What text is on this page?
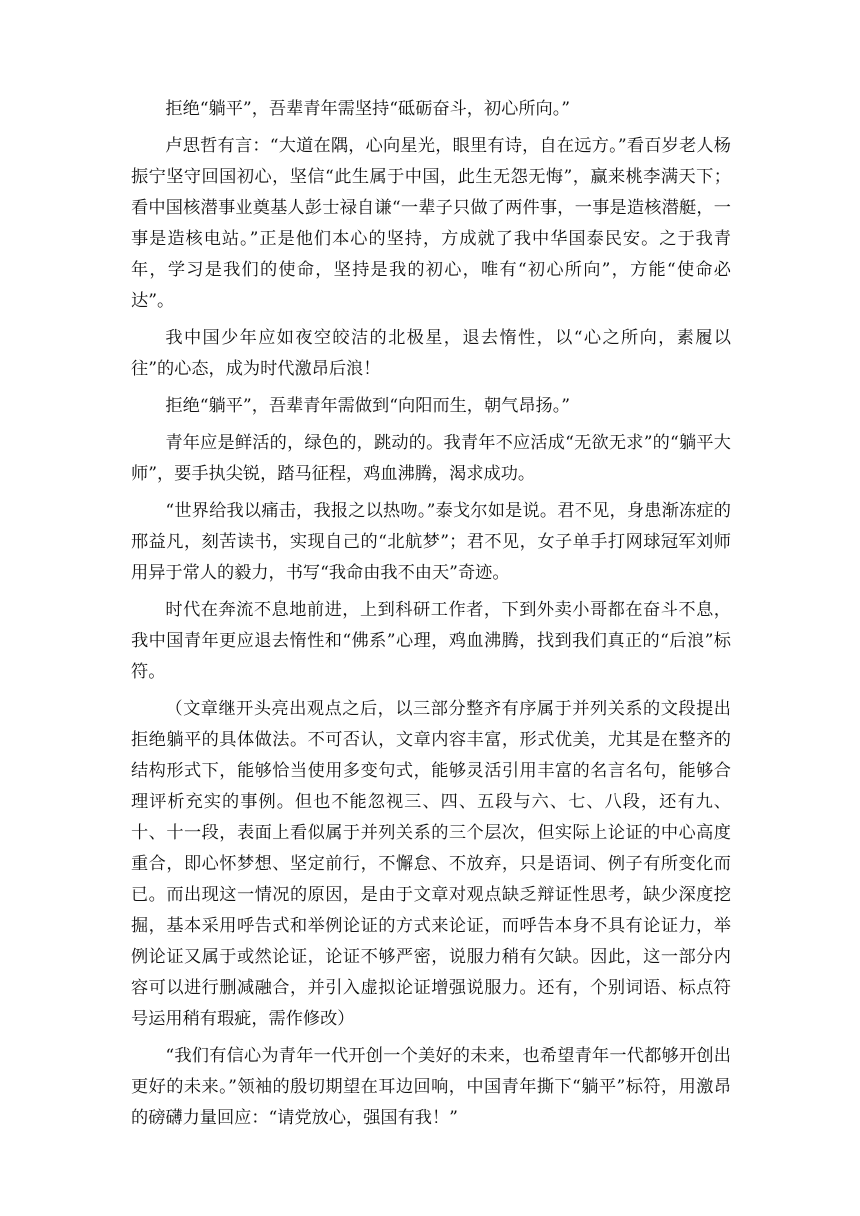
拒绝“躺平”，吾辈青年需坚持“砥砺奋斗，初心所向。”

卢思哲有言：“大道在隅，心向星光，眼里有诗，自在远方。”看百岁老人杨振宁坚守回国初心，坚信“此生属于中国，此生无怨无悔”，赢来桃李满天下；看中国核潜事业奠基人彭士禄自谦“一辈子只做了两件事，一事是造核潜艇，一事是造核电站。”正是他们本心的坚持，方成就了我中华国泰民安。之于我青年，学习是我们的使命，坚持是我的初心，唯有“初心所向”，方能“使命必达”。

我中国少年应如夜空皎洁的北极星，退去惰性，以“心之所向，素履以往”的心态，成为时代激昂后浪！

拒绝“躺平”，吾辈青年需做到“向阳而生，朝气昂扬。”

青年应是鲜活的，绿色的，跳动的。我青年不应活成“无欲无求”的“躺平大师”，要手执尖锐，踏马征程，鸡血沸腾，渴求成功。

“世界给我以痛击，我报之以热吻。”泰戈尔如是说。君不见，身患渐冻症的邢益凡，刻苦读书，实现自己的“北航梦”；君不见，女子单手打网球冠军刘师用异于常人的毅力，书写“我命由我不由天”奇迹。

时代在奔流不息地前进，上到科研工作者，下到外卖小哥都在奋斗不息，我中国青年更应退去惰性和“佛系”心理，鸡血沸腾，找到我们真正的“后浪”标符。

（文章继开头亮出观点之后，以三部分整齐有序属于并列关系的文段提出拒绝躺平的具体做法。不可否认，文章内容丰富，形式优美，尤其是在整齐的结构形式下，能够恰当使用多变句式，能够灵活引用丰富的名言名句，能够合理评析充实的事例。但也不能忽视三、四、五段与六、七、八段，还有九、十、十一段，表面上看似属于并列关系的三个层次，但实际上论证的中心高度重合，即心怀梦想、坚定前行，不懈怠、不放弃，只是语词、例子有所变化而已。而出现这一情况的原因，是由于文章对观点缺乏辩证性思考，缺少深度挖掘，基本采用呼告式和举例论证的方式来论证，而呼告本身不具有论证力，举例论证又属于或然论证，论证不够严密，说服力稍有欠缺。因此，这一部分内容可以进行删减融合，并引入虚拟论证增强说服力。还有，个别词语、标点符号运用稍有瑕疵，需作修改）

“我们有信心为青年一代开创一个美好的未来，也希望青年一代都够开创出更好的未来。”领袖的殷切期望在耳边回响，中国青年撕下“躺平”标符，用激昂的磅礴力量回应：“请党放心，强国有我！”
